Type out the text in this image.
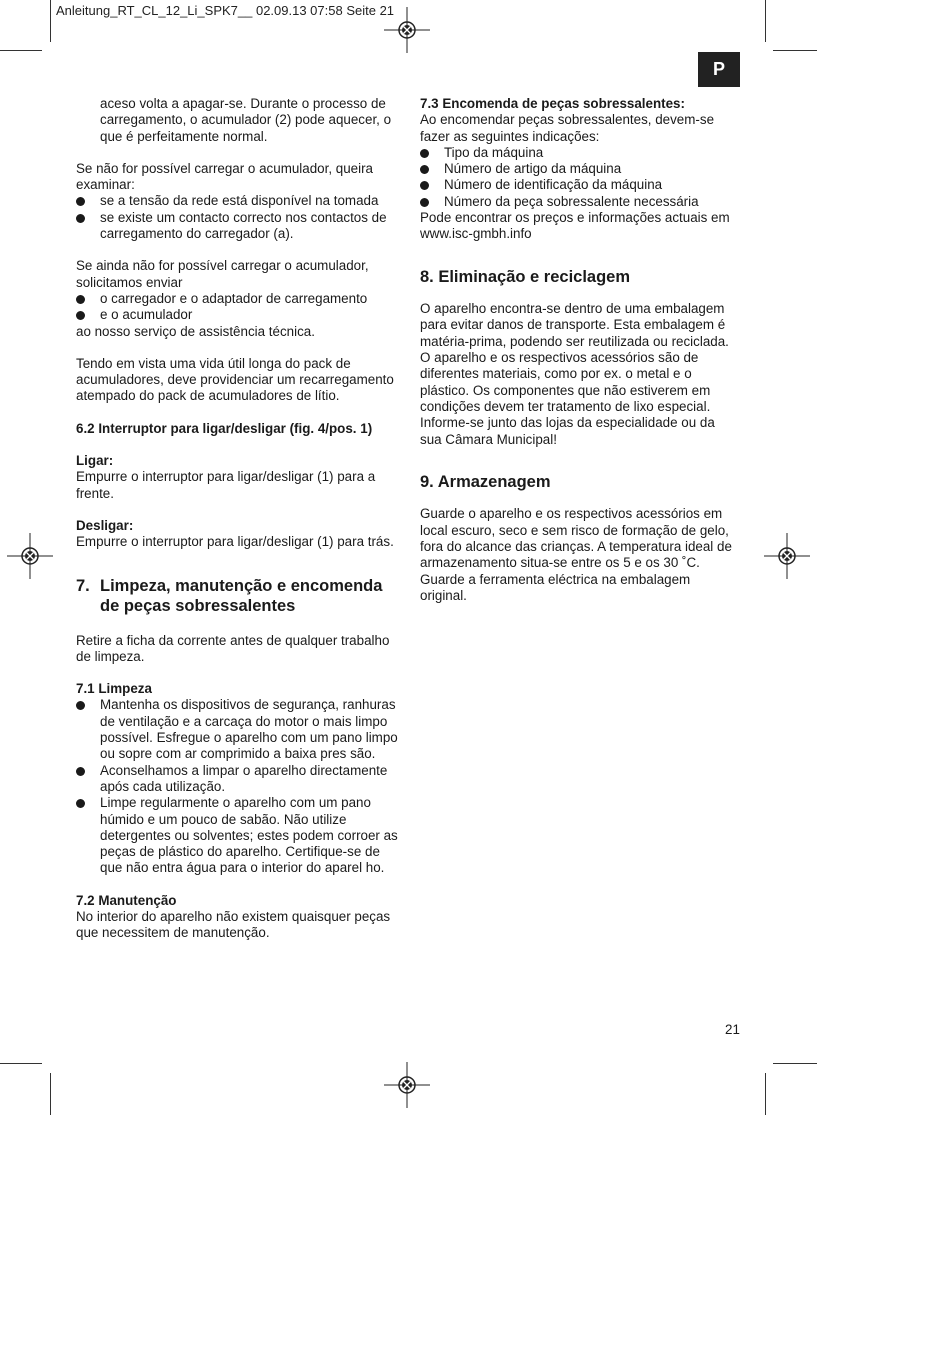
Anleitung_RT_CL_12_Li_SPK7__ 02.09.13 07:58 Seite 21
P

aceso volta a apagar-se. Durante o processo de carregamento, o acumulador (2) pode aquecer, o que é perfeitamente normal.

Se não for possível carregar o acumulador, queira examinar:

se a tensão da rede está disponível na tomada
se existe um contacto correcto nos contactos de carregamento do carregador (a).

Se ainda não for possível carregar o acumulador, solicitamos enviar

o carregador e o adaptador de carregamento
e o acumulador

ao nosso serviço de assistência técnica.

Tendo em vista uma vida útil longa do pack de acumuladores, deve providenciar um recarregamento atempado do pack de acumuladores de lítio.

6.2 Interruptor para ligar/desligar (fig. 4/pos. 1)

Ligar:

Empurre o interruptor para ligar/desligar (1) para a frente.

Desligar:

Empurre o interruptor para ligar/desligar (1) para trás.

7. Limpeza, manutenção e encomenda de peças sobressalentes

Retire a ficha da corrente antes de qualquer trabalho de limpeza.

7.1 Limpeza

Mantenha os dispositivos de segurança, ranhuras de ventilação e a carcaça do motor o mais limpo possível. Esfregue o aparelho com um pano limpo ou sopre com ar comprimido a baixa pres são.
Aconselhamos a limpar o aparelho directamente após cada utilização.
Limpe regularmente o aparelho com um pano húmido e um pouco de sabão. Não utilize detergentes ou solventes; estes podem corroer as peças de plástico do aparelho. Certifique-se de que não entra água para o interior do aparel ho.

7.2 Manutenção

No interior do aparelho não existem quaisquer peças que necessitem de manutenção.

7.3 Encomenda de peças sobressalentes:

Ao encomendar peças sobressalentes, devem-se fazer as seguintes indicações:

Tipo da máquina
Número de artigo da máquina
Número de identificação da máquina
Número da peça sobressalente necessária

Pode encontrar os preços e informações actuais em www.isc-gmbh.info

8. Eliminação e reciclagem

O aparelho encontra-se dentro de uma embalagem para evitar danos de transporte. Esta embalagem é matéria-prima, podendo ser reutilizada ou reciclada. O aparelho e os respectivos acessórios são de diferentes materiais, como por ex. o metal e o plástico. Os componentes que não estiverem em condições devem ter tratamento de lixo especial. Informe-se junto das lojas da especialidade ou da sua Câmara Municipal!

9. Armazenagem

Guarde o aparelho e os respectivos acessórios em local escuro, seco e sem risco de formação de gelo, fora do alcance das crianças. A temperatura ideal de armazenamento situa-se entre os 5 e os 30 ˚C. Guarde a ferramenta eléctrica na embalagem original.

21
